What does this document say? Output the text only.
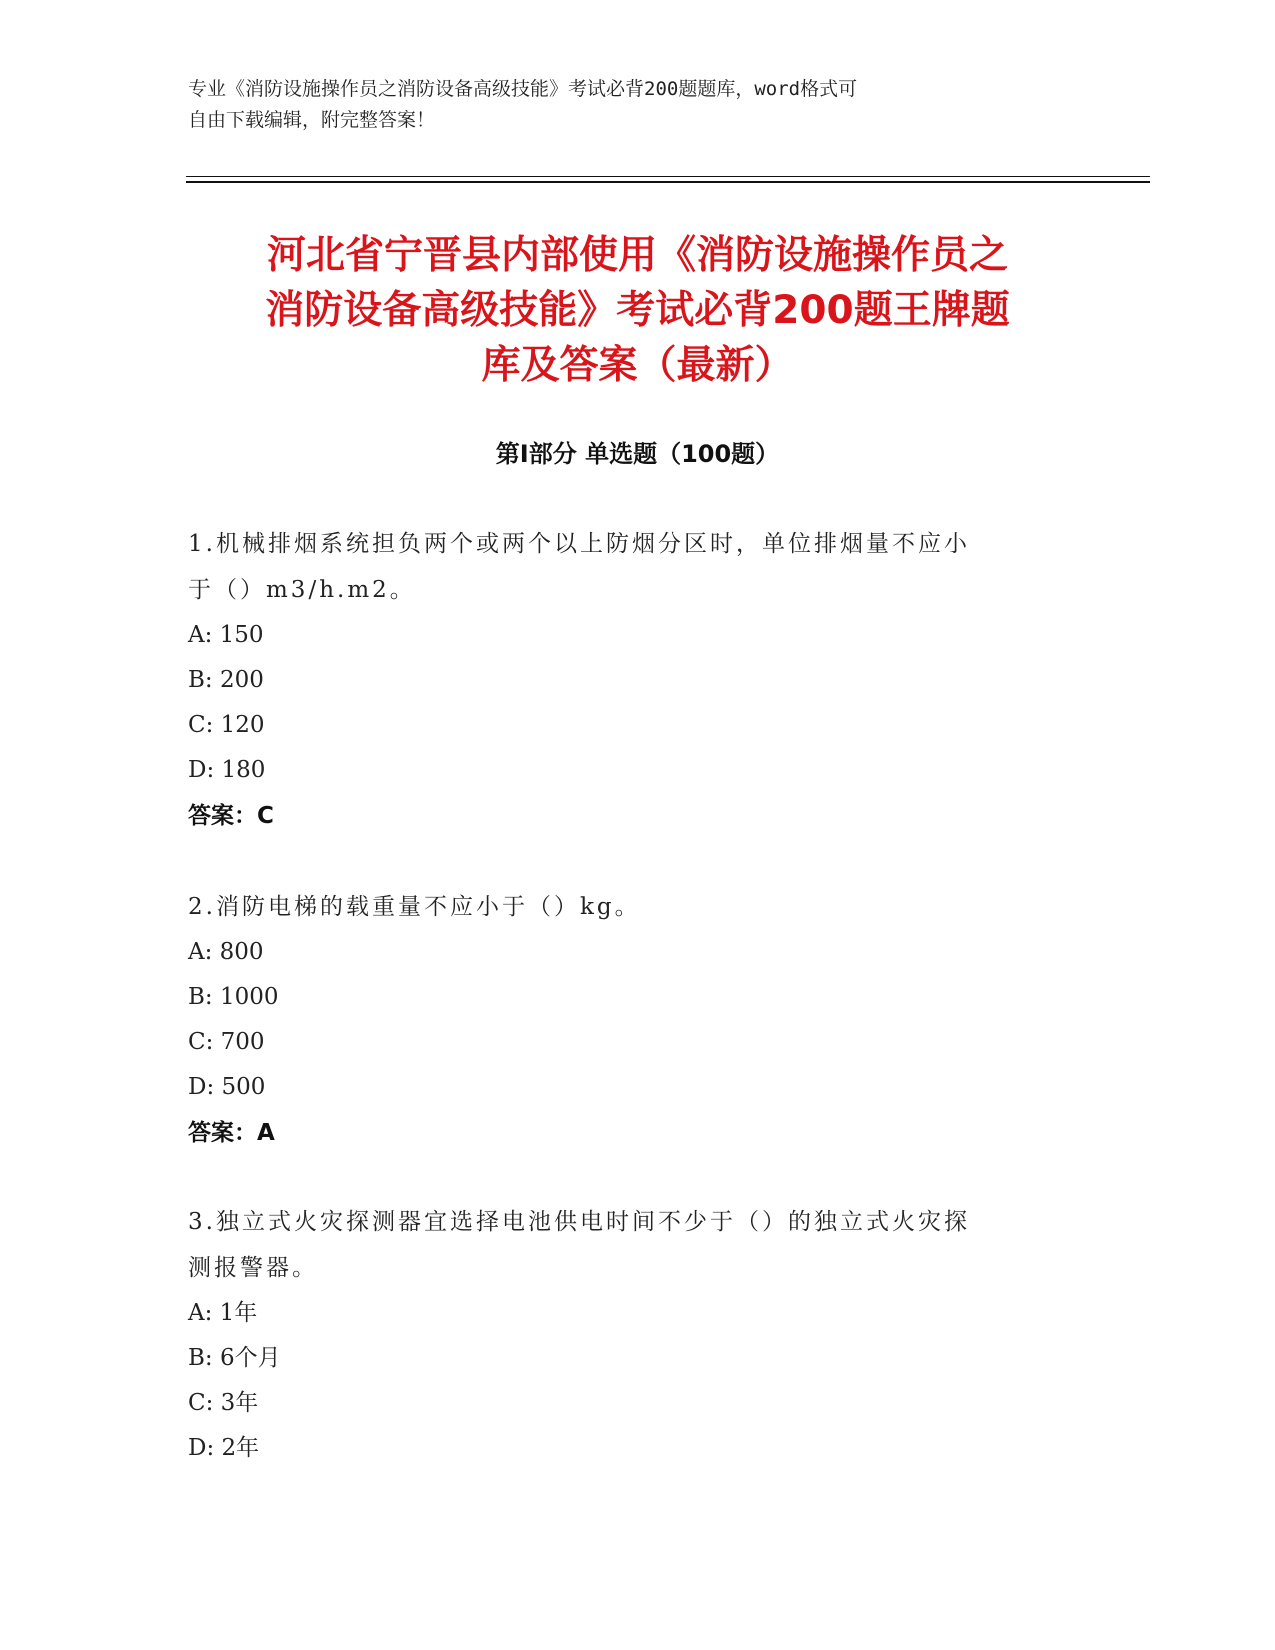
专业《消防设施操作员之消防设备高级技能》考试必背200题题库，word格式可
自由下载编辑，附完整答案！
河北省宁晋县内部使用《消防设施操作员之
消防设备高级技能》考试必背200题王牌题
库及答案（最新）
第I部分 单选题（100题）
1.机械排烟系统担负两个或两个以上防烟分区时，单位排烟量不应小
于（）m3/h.m2。
A: 150
B: 200
C: 120
D: 180
答案：C
2.消防电梯的载重量不应小于（）kg。
A: 800
B: 1000
C: 700
D: 500
答案：A
3.独立式火灾探测器宜选择电池供电时间不少于（）的独立式火灾探
测报警器。
A: 1年
B: 6个月
C: 3年
D: 2年
